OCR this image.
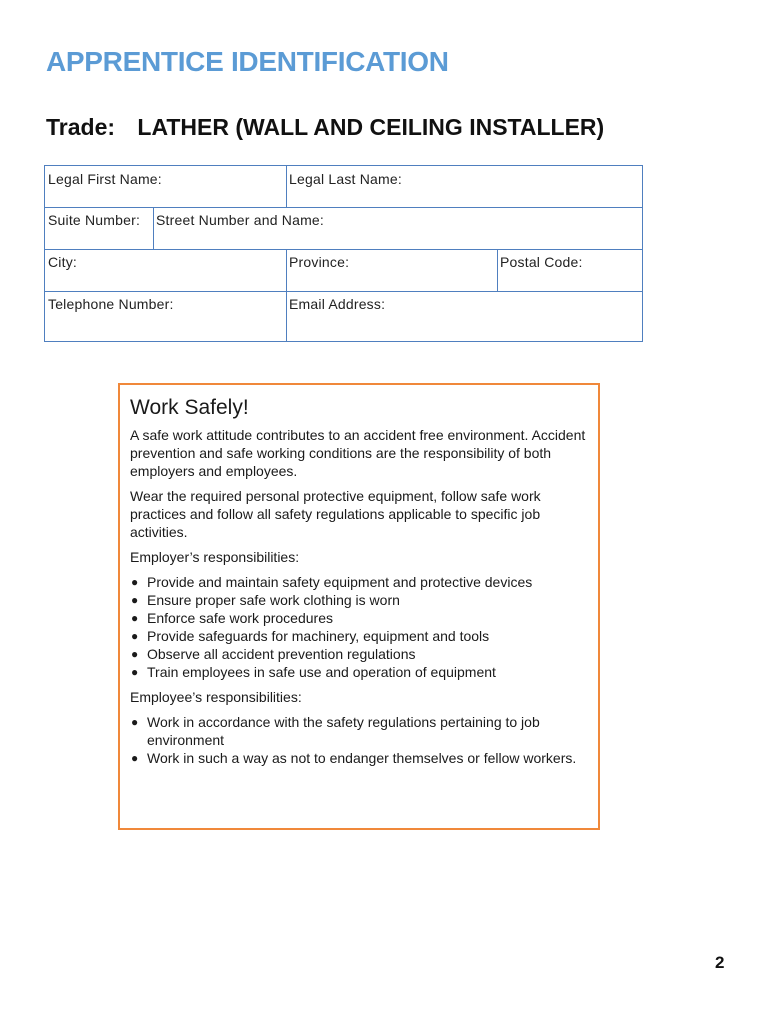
APPRENTICE IDENTIFICATION
Trade: LATHER (WALL AND CEILING INSTALLER)
Legal First Name:	Legal Last Name:
Suite Number:	Street Number and Name:
City:	Province:	Postal Code:
Telephone Number:	Email Address:
Work Safely!

A safe work attitude contributes to an accident free environment. Accident prevention and safe working conditions are the responsibility of both employers and employees.

Wear the required personal protective equipment, follow safe work practices and follow all safety regulations applicable to specific job activities.

Employer’s responsibilities:

● Provide and maintain safety equipment and protective devices
● Ensure proper safe work clothing is worn
● Enforce safe work procedures
● Provide safeguards for machinery, equipment and tools
● Observe all accident prevention regulations
● Train employees in safe use and operation of equipment

Employee’s responsibilities:

● Work in accordance with the safety regulations pertaining to job environment
● Work in such a way as not to endanger themselves or fellow workers.
2
